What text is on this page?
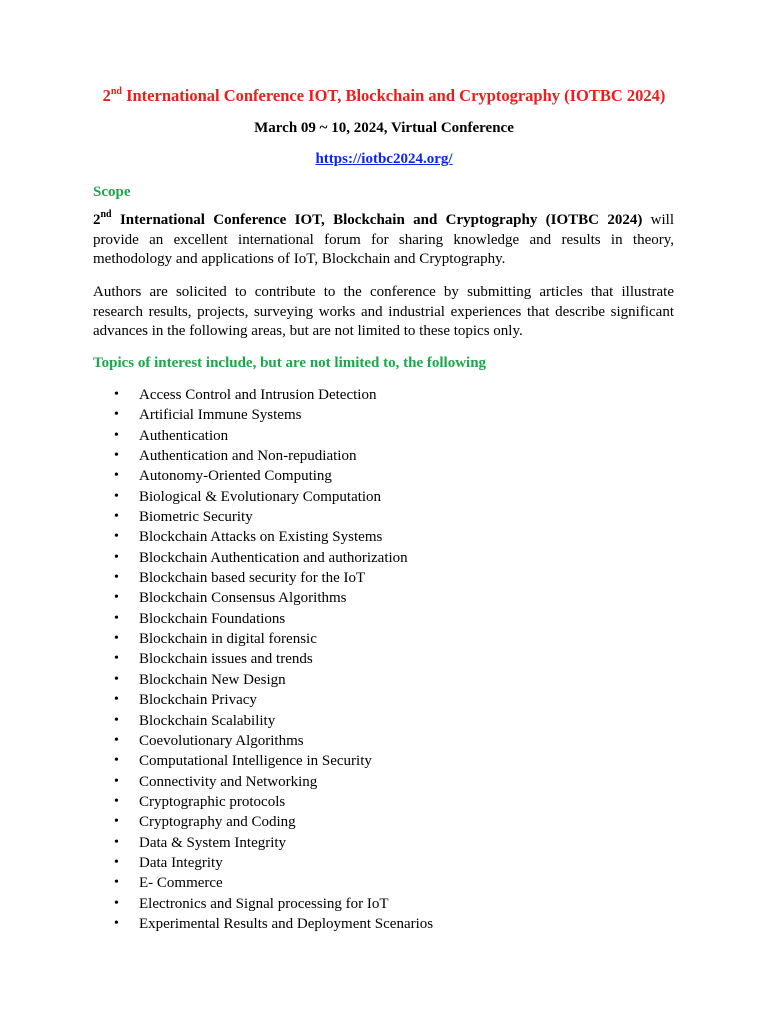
2nd International Conference IOT, Blockchain and Cryptography (IOTBC 2024)
March 09 ~ 10, 2024, Virtual Conference
https://iotbc2024.org/
Scope
2nd International Conference IOT, Blockchain and Cryptography (IOTBC 2024) will provide an excellent international forum for sharing knowledge and results in theory, methodology and applications of IoT, Blockchain and Cryptography.
Authors are solicited to contribute to the conference by submitting articles that illustrate research results, projects, surveying works and industrial experiences that describe significant advances in the following areas, but are not limited to these topics only.
Topics of interest include, but are not limited to, the following
• Access Control and Intrusion Detection
• Artificial Immune Systems
• Authentication
• Authentication and Non-repudiation
• Autonomy-Oriented Computing
• Biological & Evolutionary Computation
• Biometric Security
• Blockchain Attacks on Existing Systems
• Blockchain Authentication and authorization
• Blockchain based security for the IoT
• Blockchain Consensus Algorithms
• Blockchain Foundations
• Blockchain in digital forensic
• Blockchain issues and trends
• Blockchain New Design
• Blockchain Privacy
• Blockchain Scalability
• Coevolutionary Algorithms
• Computational Intelligence in Security
• Connectivity and Networking
• Cryptographic protocols
• Cryptography and Coding
• Data & System Integrity
• Data Integrity
• E- Commerce
• Electronics and Signal processing for IoT
• Experimental Results and Deployment Scenarios
